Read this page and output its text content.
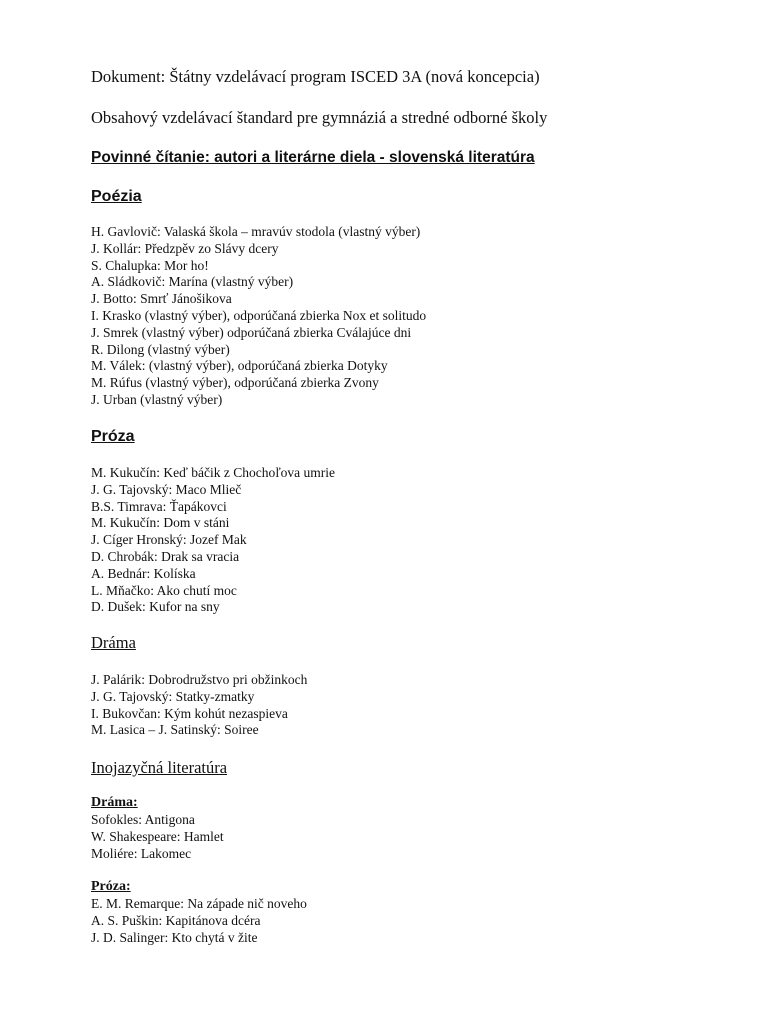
Dokument: Štátny vzdelávací program ISCED 3A (nová koncepcia)
Obsahový vzdelávací štandard pre gymnáziá a stredné odborné školy
Povinné čítanie: autori a literárne diela - slovenská literatúra
Poézia
H. Gavlovič: Valaská škola – mravúv stodola (vlastný výber)
J. Kollár: Předzpěv zo Slávy dcery
S. Chalupka: Mor ho!
A. Sládkovič: Marína (vlastný výber)
J. Botto: Smrť Jánošikova
I. Krasko (vlastný výber), odporúčaná zbierka Nox et solitudo
J. Smrek (vlastný výber) odporúčaná zbierka Cválajúce dni
R. Dilong (vlastný výber)
M. Válek: (vlastný výber), odporúčaná zbierka Dotyky
M. Rúfus (vlastný výber), odporúčaná zbierka Zvony
J. Urban (vlastný výber)
Próza
M. Kukučín: Keď báčik z Chochoľova umrie
J. G. Tajovský: Maco Mlieč
B.S. Timrava: Ťapákovci
M. Kukučín: Dom v stáni
J. Cíger Hronský: Jozef Mak
D. Chrobák: Drak sa vracia
A. Bednár: Kolíska
L. Mňačko: Ako chutí moc
D. Dušek: Kufor na sny
Dráma
J. Palárik: Dobrodružstvo pri obžinkoch
J. G. Tajovský: Statky-zmatky
I. Bukovčan: Kým kohút nezaspieva
M. Lasica – J. Satinský: Soiree
Inojazyčná literatúra
Dráma:
Sofokles: Antigona
W. Shakespeare: Hamlet
Moliére: Lakomec
Próza:
E. M. Remarque: Na západe nič noveho
A. S. Puškin: Kapitánova dcéra
J. D. Salinger: Kto chytá v žite
